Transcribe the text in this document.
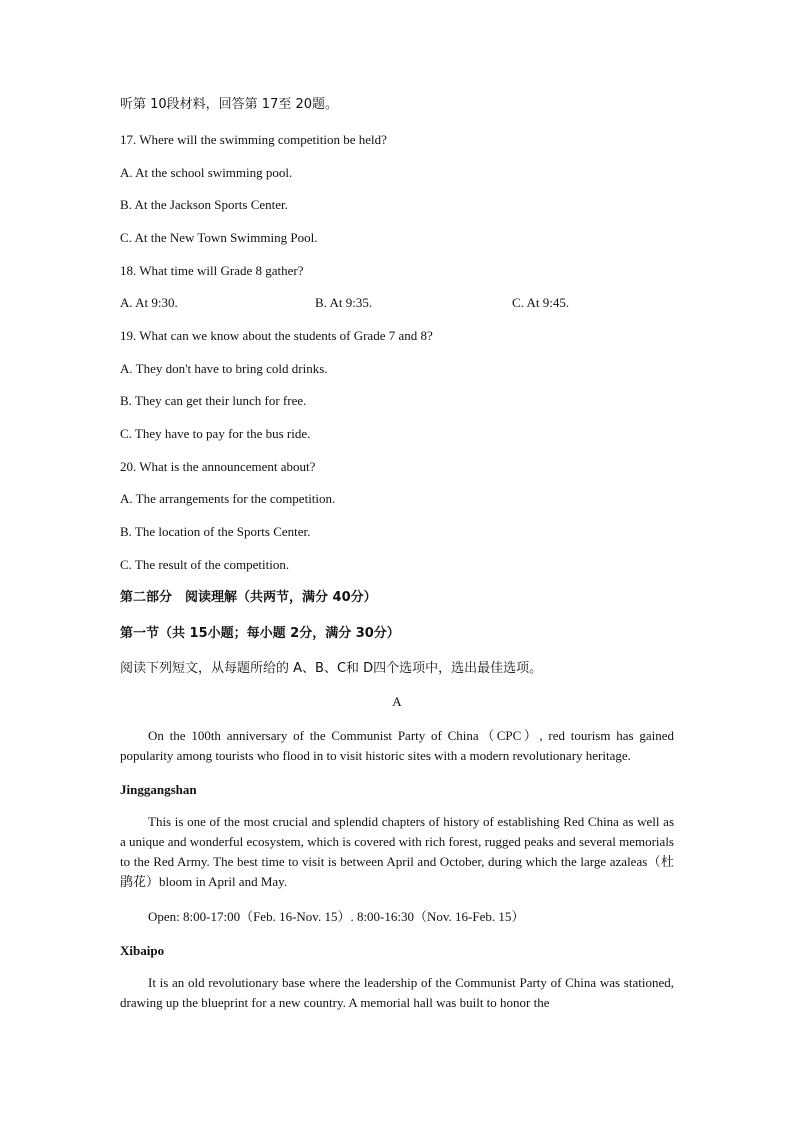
听第 10段材料，回答第 17至 20题。
17. Where will the swimming competition be held?
A. At the school swimming pool.
B. At the Jackson Sports Center.
C. At the New Town Swimming Pool.
18. What time will Grade 8 gather?
A. At 9:30.	B. At 9:35.	C. At 9:45.
19. What can we know about the students of Grade 7 and 8?
A. They don't have to bring cold drinks.
B. They can get their lunch for free.
C. They have to pay for the bus ride.
20. What is the announcement about?
A. The arrangements for the competition.
B. The location of the Sports Center.
C. The result of the competition.
第二部分　阅读理解（共两节，满分 40分）
第一节（共 15小题；每小题 2分，满分 30分）
阅读下列短文，从每题所给的 A、B、C和 D四个选项中，选出最佳选项。
A
On the 100th anniversary of the Communist Party of China（CPC）, red tourism has gained popularity among tourists who flood in to visit historic sites with a modern revolutionary heritage.
Jinggangshan
This is one of the most crucial and splendid chapters of history of establishing Red China as well as a unique and wonderful ecosystem, which is covered with rich forest, rugged peaks and several memorials to the Red Army. The best time to visit is between April and October, during which the large azaleas（杜鹃花）bloom in April and May.
Open: 8:00-17:00（Feb. 16-Nov. 15）. 8:00-16:30（Nov. 16-Feb. 15）
Xibaipo
It is an old revolutionary base where the leadership of the Communist Party of China was stationed, drawing up the blueprint for a new country. A memorial hall was built to honor the
